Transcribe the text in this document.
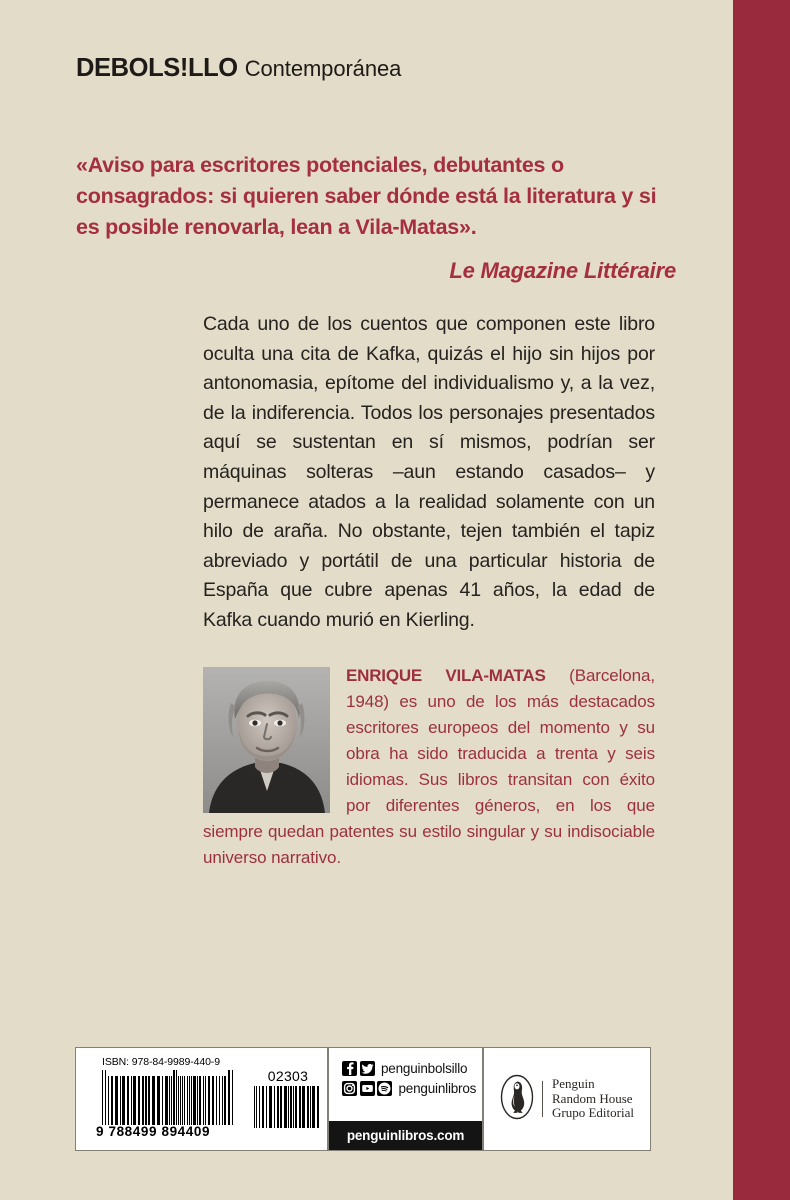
DEBOLS!LLO Contemporánea

«Aviso para escritores potenciales, debutantes o consagrados: si quieren saber dónde está la literatura y si es posible renovarla, lean a Vila-Matas».

Le Magazine Littéraire

Cada uno de los cuentos que componen este libro oculta una cita de Kafka, quizás el hijo sin hijos por antonomasia, epítome del individualismo y, a la vez, de la indiferencia. Todos los personajes presentados aquí se sustentan en sí mismos, podrían ser máquinas solteras –aun estando casados– y permanece atados a la realidad solamente con un hilo de araña. No obstante, tejen también el tapiz abreviado y portátil de una particular historia de España que cubre apenas 41 años, la edad de Kafka cuando murió en Kierling.

ENRIQUE VILA-MATAS (Barcelona, 1948) es uno de los más destacados escritores europeos del momento y su obra ha sido traducida a trenta y seis idiomas. Sus libros transitan con éxito por diferentes géneros, en los que siempre quedan patentes su estilo singular y su indisociable universo narrativo.

ISBN: 978-84-9989-440-9
9 788499 894409
02303	penguinbolsillo
penguinlibros
penguinlibros.com
Penguin
Random House
Grupo Editorial
